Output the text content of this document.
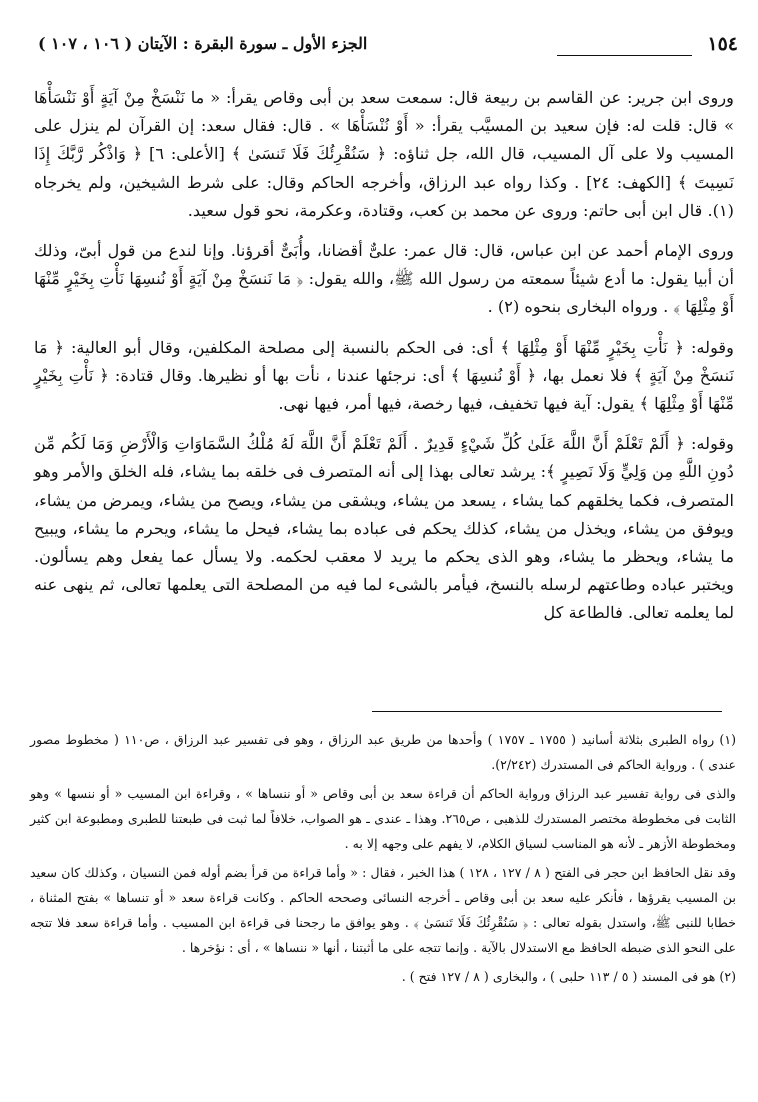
١٥٤
الجزء الأول ـ سورة البقرة : الآيتان ( ١٠٦ ، ١٠٧ )

وروى ابن جرير: عن القاسم بن ربيعة قال: سمعت سعد بن أبى وقاص يقرأ: « ما نَنْسَخْ مِنْ آيَةٍ أَوْ نَنْسَأْهَا » قال: قلت له: فإن سعيد بن المسيَّب يقرأ: « أَوْ نُنْسَأْهَا » . قال: فقال سعد: إن القرآن لم ينزل على المسيب ولا على آل المسيب، قال الله، جل ثناؤه: ﴿ سَنُقْرِئُكَ فَلَا تَنسَىٰ ﴾ [الأعلى: ٦] ﴿ وَاذْكُر رَّبَّكَ إِذَا نَسِيتَ ﴾ [الكهف: ٢٤] . وكذا رواه عبد الرزاق، وأخرجه الحاكم وقال: على شرط الشيخين، ولم يخرجاه (١). قال ابن أبى حاتم: وروى عن محمد بن كعب، وقتادة، وعكرمة، نحو قول سعيد.

وروى الإمام أحمد عن ابن عباس، قال: قال عمر: علىٌّ أقضانا، وأُبَىٌّ أقرؤنا. وإنا لندع من قول أبىّ، وذلك أن أبيا يقول: ما أدع شيئاً سمعته من رسول الله ﷺ، والله يقول: ﴿ مَا نَنسَخْ مِنْ آيَةٍ أَوْ نُنسِهَا نَأْتِ بِخَيْرٍ مِّنْهَا أَوْ مِثْلِهَا ﴾ . ورواه البخارى بنحوه (٢) .

وقوله: ﴿ نَأْتِ بِخَيْرٍ مِّنْهَا أَوْ مِثْلِهَا ﴾ أى: فى الحكم بالنسبة إلى مصلحة المكلفين، وقال أبو العالية: ﴿ مَا نَنسَخْ مِنْ آيَةٍ ﴾ فلا نعمل بها، ﴿ أَوْ نُنسِهَا ﴾ أى: نرجئها عندنا ، نأت بها أو نظيرها. وقال قتادة: ﴿ نَأْتِ بِخَيْرٍ مِّنْهَا أَوْ مِثْلِهَا ﴾ يقول: آية فيها تخفيف، فيها رخصة، فيها أمر، فيها نهى.

وقوله: ﴿ أَلَمْ تَعْلَمْ أَنَّ اللَّهَ عَلَىٰ كُلِّ شَيْءٍ قَدِيرٌ . أَلَمْ تَعْلَمْ أَنَّ اللَّهَ لَهُ مُلْكُ السَّمَاوَاتِ وَالْأَرْضِ وَمَا لَكُم مِّن دُونِ اللَّهِ مِن وَلِيٍّ وَلَا نَصِيرٍ ﴾: يرشد تعالى بهذا إلى أنه المتصرف فى خلقه بما يشاء، فله الخلق والأمر وهو المتصرف، فكما يخلقهم كما يشاء ، يسعد من يشاء، ويشقى من يشاء، ويصح من يشاء، ويمرض من يشاء، ويوفق من يشاء، ويخذل من يشاء، كذلك يحكم فى عباده بما يشاء، فيحل ما يشاء، ويحرم ما يشاء، ويبيح ما يشاء، ويحظر ما يشاء، وهو الذى يحكم ما يريد لا معقب لحكمه. ولا يسأل عما يفعل وهم يسألون. ويختبر عباده وطاعتهم لرسله بالنسخ، فيأمر بالشىء لما فيه من المصلحة التى يعلمها تعالى، ثم ينهى عنه لما يعلمه تعالى. فالطاعة كل

(١) رواه الطبرى بثلاثة أسانيد ( ١٧٥٥ ـ ١٧٥٧ ) وأحدها من طريق عبد الرزاق ، وهو فى تفسير عبد الرزاق ، ص١١٠ ( مخطوط مصور عندى ) . ورواية الحاكم فى المستدرك (٢/٢٤٢).

والذى فى رواية تفسير عبد الرزاق ورواية الحاكم أن قراءة سعد بن أبى وقاص « أو ننساها » ، وقراءة ابن المسيب « أو ننسها » وهو الثابت فى مخطوطة مختصر المستدرك للذهبى ، ص٢٦٥. وهذا ـ عندى ـ هو الصواب، خلافاً لما ثبت فى طبعتنا للطبرى ومطبوعة ابن كثير ومخطوطة الأزهر ـ لأنه هو المناسب لسياق الكلام، لا يفهم على وجهه إلا به .

وقد نقل الحافظ ابن حجر فى الفتح ( ٨ / ١٢٧ ، ١٢٨ ) هذا الخبر ، فقال : « وأما قراءة من قرأ بضم أوله فمن النسيان ، وكذلك كان سعيد بن المسيب يقرؤها ، فأنكر عليه سعد بن أبى وقاص ـ أخرجه النسائى وصححه الحاكم . وكانت قراءة سعد « أو تنساها » بفتح المثناة ، خطابا للنبى ﷺ، واستدل بقوله تعالى : ﴿ سَنُقْرِئُكَ فَلَا تَنسَىٰ ﴾ . وهو يوافق ما رجحنا فى قراءة ابن المسيب . وأما قراءة سعد فلا تتجه على النحو الذى ضبطه الحافظ مع الاستدلال بالآية . وإنما تتجه على ما أثبتنا ، أنها « ننساها » ، أى : نؤخرها .

(٢) هو فى المسند ( ٥ / ١١٣ حلبى ) ، والبخارى ( ٨ / ١٢٧ فتح ) .
